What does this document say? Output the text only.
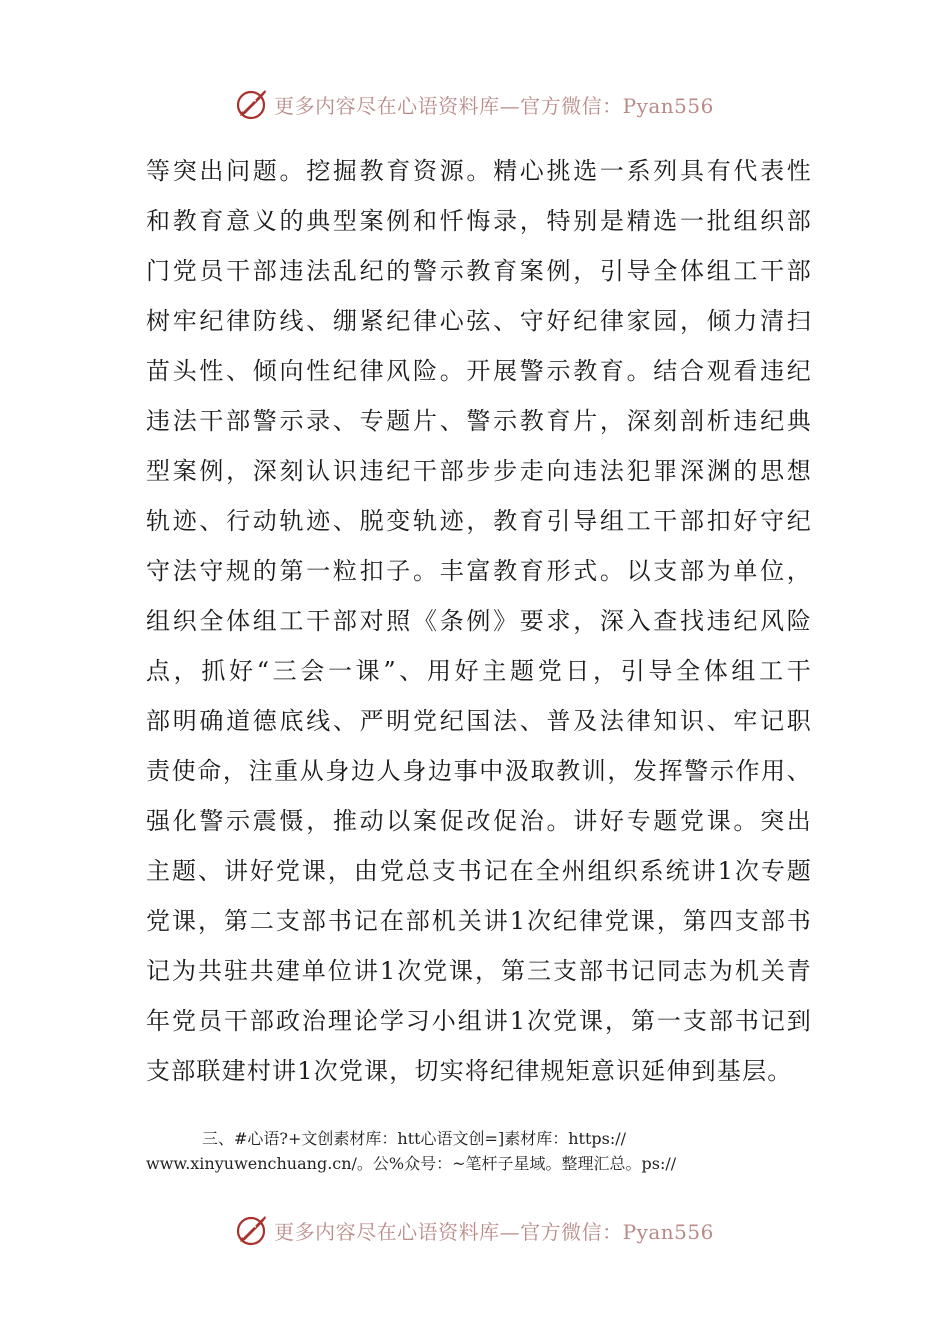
更多内容尽在心语资料库—官方微信：Pyan556
等突出问题。挖掘教育资源。精心挑选一系列具有代表性
和教育意义的典型案例和忏悔录，特别是精选一批组织部
门党员干部违法乱纪的警示教育案例，引导全体组工干部
树牢纪律防线、绷紧纪律心弦、守好纪律家园，倾力清扫
苗头性、倾向性纪律风险。开展警示教育。结合观看违纪
违法干部警示录、专题片、警示教育片，深刻剖析违纪典
型案例，深刻认识违纪干部步步走向违法犯罪深渊的思想
轨迹、行动轨迹、脱变轨迹，教育引导组工干部扣好守纪
守法守规的第一粒扣子。丰富教育形式。以支部为单位，
组织全体组工干部对照《条例》要求，深入查找违纪风险
点，抓好“三会一课”、用好主题党日，引导全体组工干
部明确道德底线、严明党纪国法、普及法律知识、牢记职
责使命，注重从身边人身边事中汲取教训，发挥警示作用、
强化警示震慑，推动以案促改促治。讲好专题党课。突出
主题、讲好党课，由党总支书记在全州组织系统讲1次专题
党课，第二支部书记在部机关讲1次纪律党课，第四支部书
记为共驻共建单位讲1次党课，第三支部书记同志为机关青
年党员干部政治理论学习小组讲1次党课，第一支部书记到
支部联建村讲1次党课，切实将纪律规矩意识延伸到基层。
三、#心语?+文创素材库：htt心语文创=]素材库：https://
www.xinyuwenchuang.cn/。公%众号：~笔杆子星域。整理汇总。ps://
更多内容尽在心语资料库—官方微信：Pyan556
